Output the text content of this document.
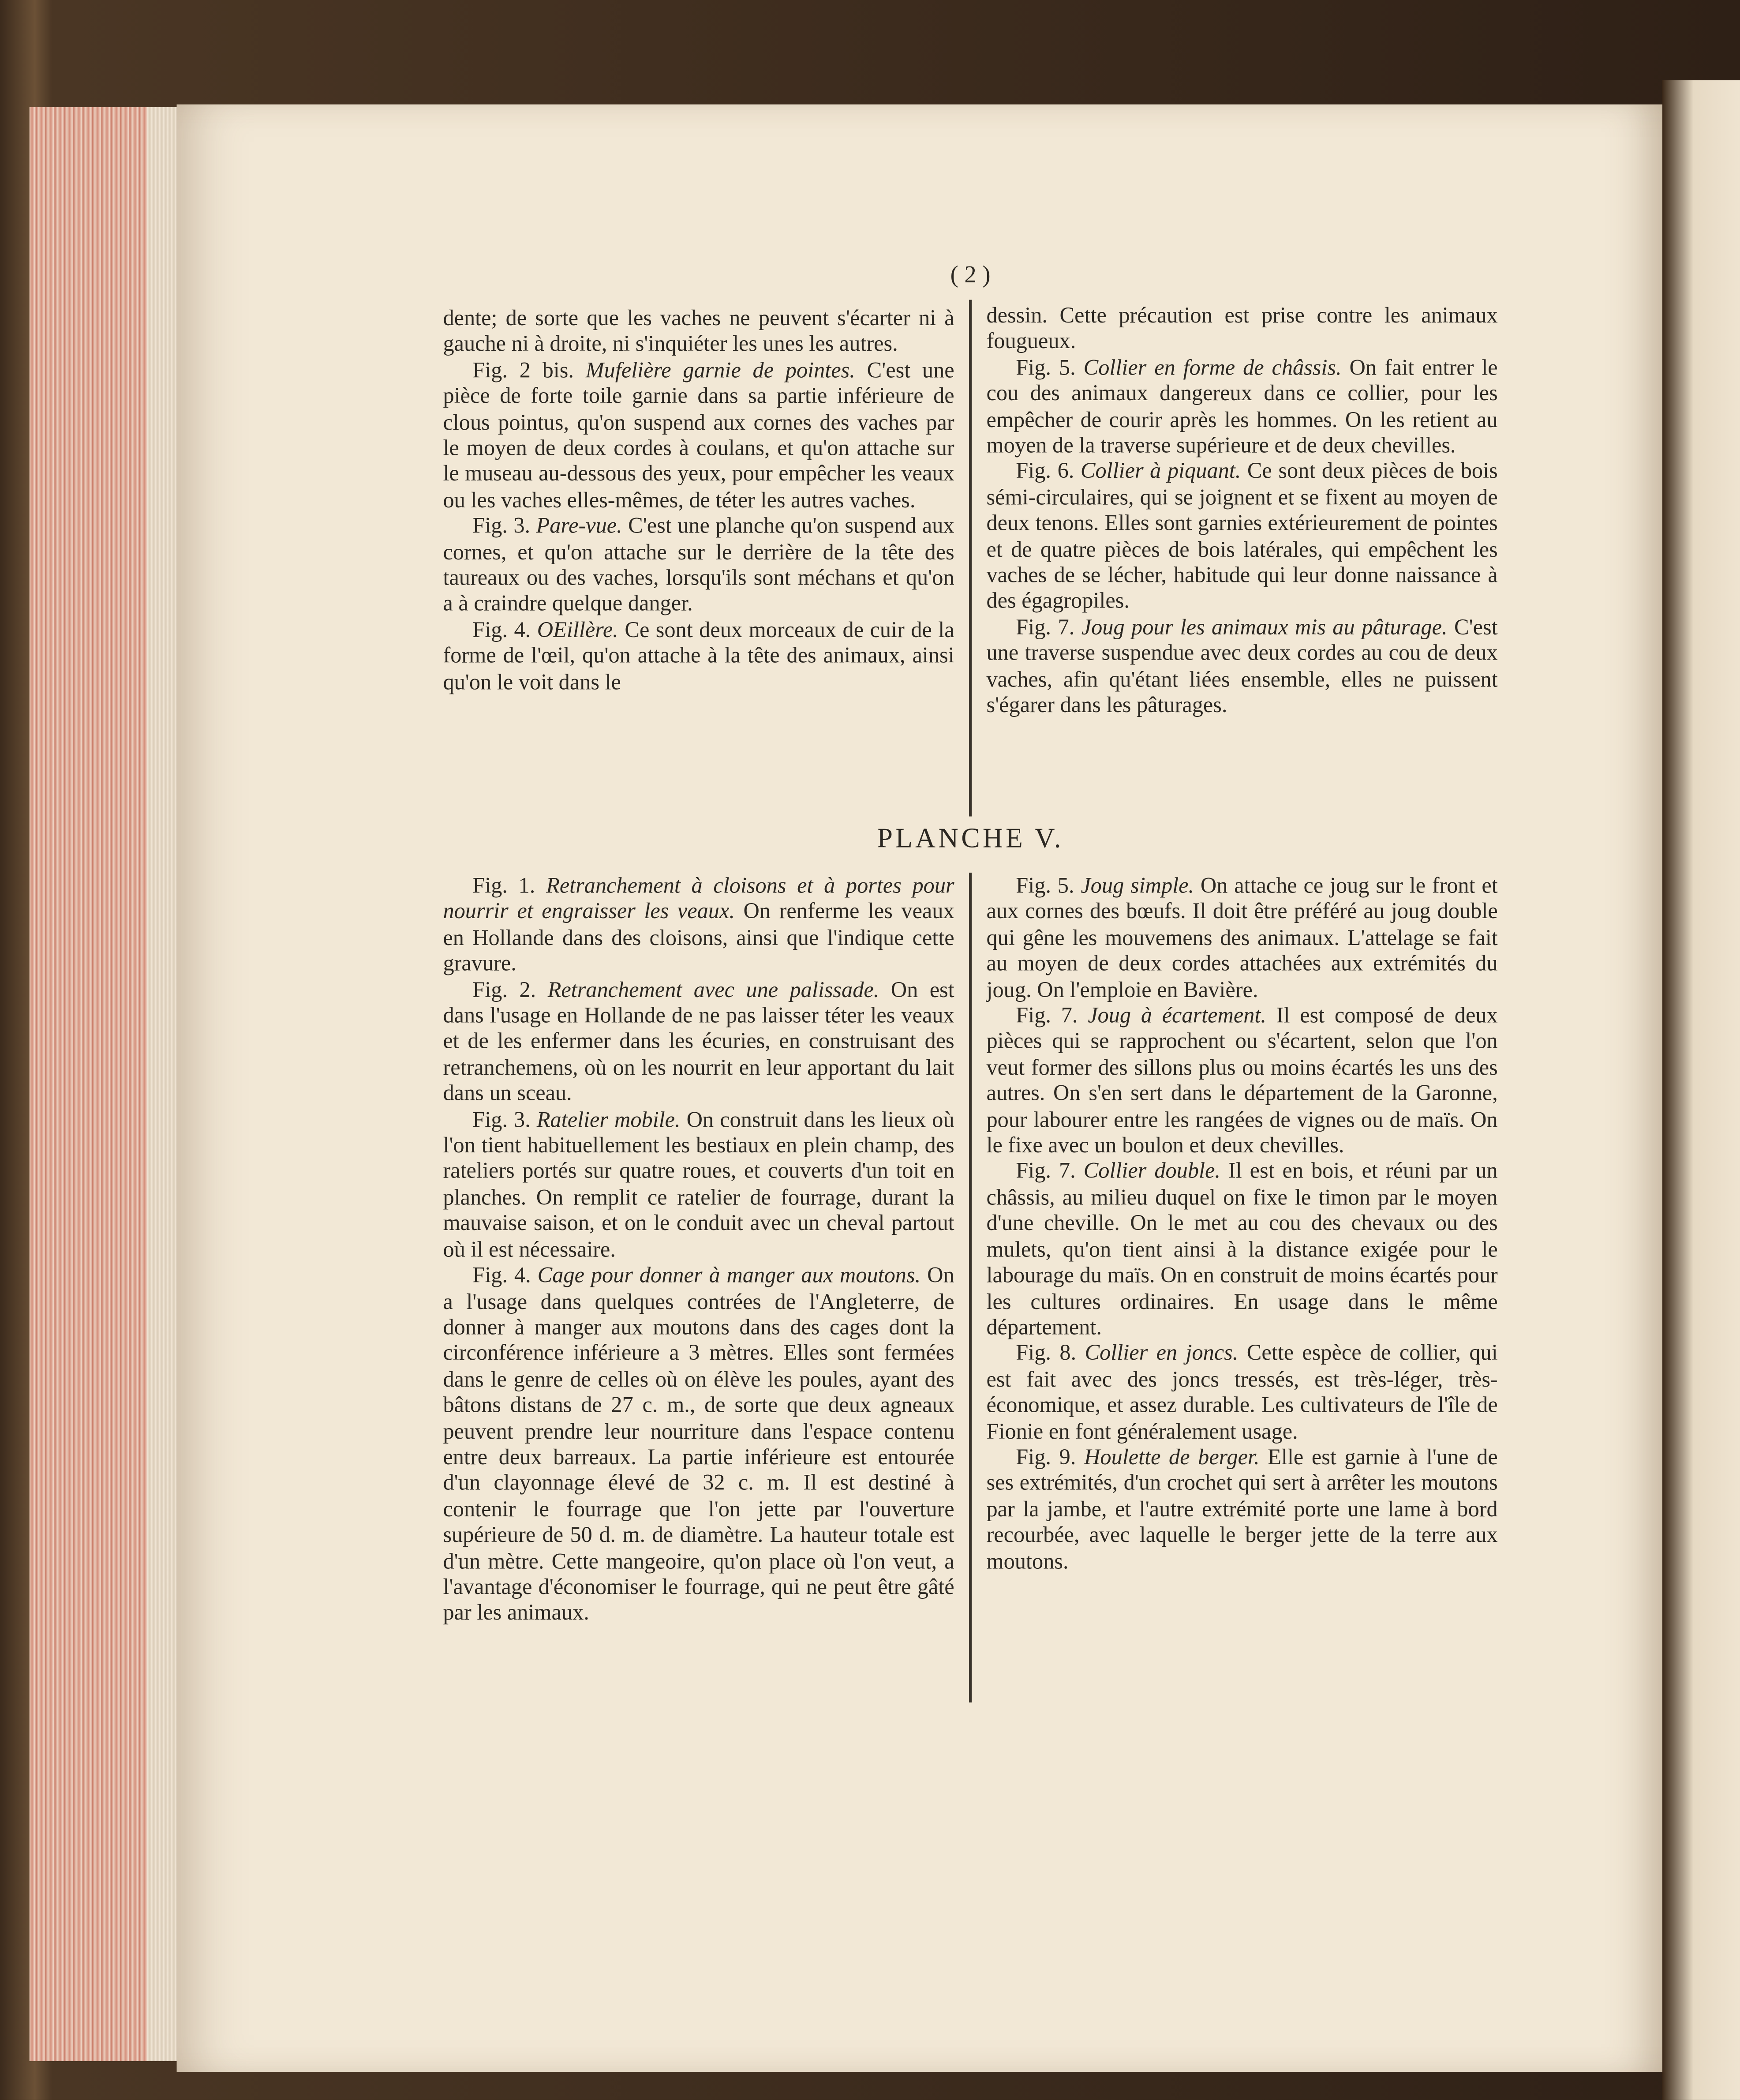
( 2 )

dente; de sorte que les vaches ne peuvent s'écarter ni à gauche ni à droite, ni s'inquiéter les unes les autres.

Fig. 2 bis. Mufelière garnie de pointes. C'est une pièce de forte toile garnie dans sa partie inférieure de clous pointus, qu'on suspend aux cornes des vaches par le moyen de deux cordes à coulans, et qu'on attache sur le museau au-dessous des yeux, pour empêcher les veaux ou les vaches elles-mêmes, de téter les autres vaches.

Fig. 3. Pare-vue. C'est une planche qu'on suspend aux cornes, et qu'on attache sur le derrière de la tête des taureaux ou des vaches, lorsqu'ils sont méchans et qu'on a à craindre quelque danger.

Fig. 4. OEillère. Ce sont deux morceaux de cuir de la forme de l'œil, qu'on attache à la tête des animaux, ainsi qu'on le voit dans le

dessin. Cette précaution est prise contre les animaux fougueux.

Fig. 5. Collier en forme de châssis. On fait entrer le cou des animaux dangereux dans ce collier, pour les empêcher de courir après les hommes. On les retient au moyen de la traverse supérieure et de deux chevilles.

Fig. 6. Collier à piquant. Ce sont deux pièces de bois sémi-circulaires, qui se joignent et se fixent au moyen de deux tenons. Elles sont garnies extérieurement de pointes et de quatre pièces de bois latérales, qui empêchent les vaches de se lécher, habitude qui leur donne naissance à des égagropiles.

Fig. 7. Joug pour les animaux mis au pâturage. C'est une traverse suspendue avec deux cordes au cou de deux vaches, afin qu'étant liées ensemble, elles ne puissent s'égarer dans les pâturages.

PLANCHE V.

Fig. 1. Retranchement à cloisons et à portes pour nourrir et engraisser les veaux. On renferme les veaux en Hollande dans des cloisons, ainsi que l'indique cette gravure.

Fig. 2. Retranchement avec une palissade. On est dans l'usage en Hollande de ne pas laisser téter les veaux et de les enfermer dans les écuries, en construisant des retranchemens, où on les nourrit en leur apportant du lait dans un sceau.

Fig. 3. Ratelier mobile. On construit dans les lieux où l'on tient habituellement les bestiaux en plein champ, des rateliers portés sur quatre roues, et couverts d'un toit en planches. On remplit ce ratelier de fourrage, durant la mauvaise saison, et on le conduit avec un cheval partout où il est nécessaire.

Fig. 4. Cage pour donner à manger aux moutons. On a l'usage dans quelques contrées de l'Angleterre, de donner à manger aux moutons dans des cages dont la circonférence inférieure a 3 mètres. Elles sont fermées dans le genre de celles où on élève les poules, ayant des bâtons distans de 27 c. m., de sorte que deux agneaux peuvent prendre leur nourriture dans l'espace contenu entre deux barreaux. La partie inférieure est entourée d'un clayonnage élevé de 32 c. m. Il est destiné à contenir le fourrage que l'on jette par l'ouverture supérieure de 50 d. m. de diamètre. La hauteur totale est d'un mètre. Cette mangeoire, qu'on place où l'on veut, a l'avantage d'économiser le fourrage, qui ne peut être gâté par les animaux.

Fig. 5. Joug simple. On attache ce joug sur le front et aux cornes des bœufs. Il doit être préféré au joug double qui gêne les mouvemens des animaux. L'attelage se fait au moyen de deux cordes attachées aux extrémités du joug. On l'emploie en Bavière.

Fig. 7. Joug à écartement. Il est composé de deux pièces qui se rapprochent ou s'écartent, selon que l'on veut former des sillons plus ou moins écartés les uns des autres. On s'en sert dans le département de la Garonne, pour labourer entre les rangées de vignes ou de maïs. On le fixe avec un boulon et deux chevilles.

Fig. 7. Collier double. Il est en bois, et réuni par un châssis, au milieu duquel on fixe le timon par le moyen d'une cheville. On le met au cou des chevaux ou des mulets, qu'on tient ainsi à la distance exigée pour le labourage du maïs. On en construit de moins écartés pour les cultures ordinaires. En usage dans le même département.

Fig. 8. Collier en joncs. Cette espèce de collier, qui est fait avec des joncs tressés, est très-léger, très-économique, et assez durable. Les cultivateurs de l'île de Fionie en font généralement usage.

Fig. 9. Houlette de berger. Elle est garnie à l'une de ses extrémités, d'un crochet qui sert à arrêter les moutons par la jambe, et l'autre extrémité porte une lame à bord recourbée, avec laquelle le berger jette de la terre aux moutons.
